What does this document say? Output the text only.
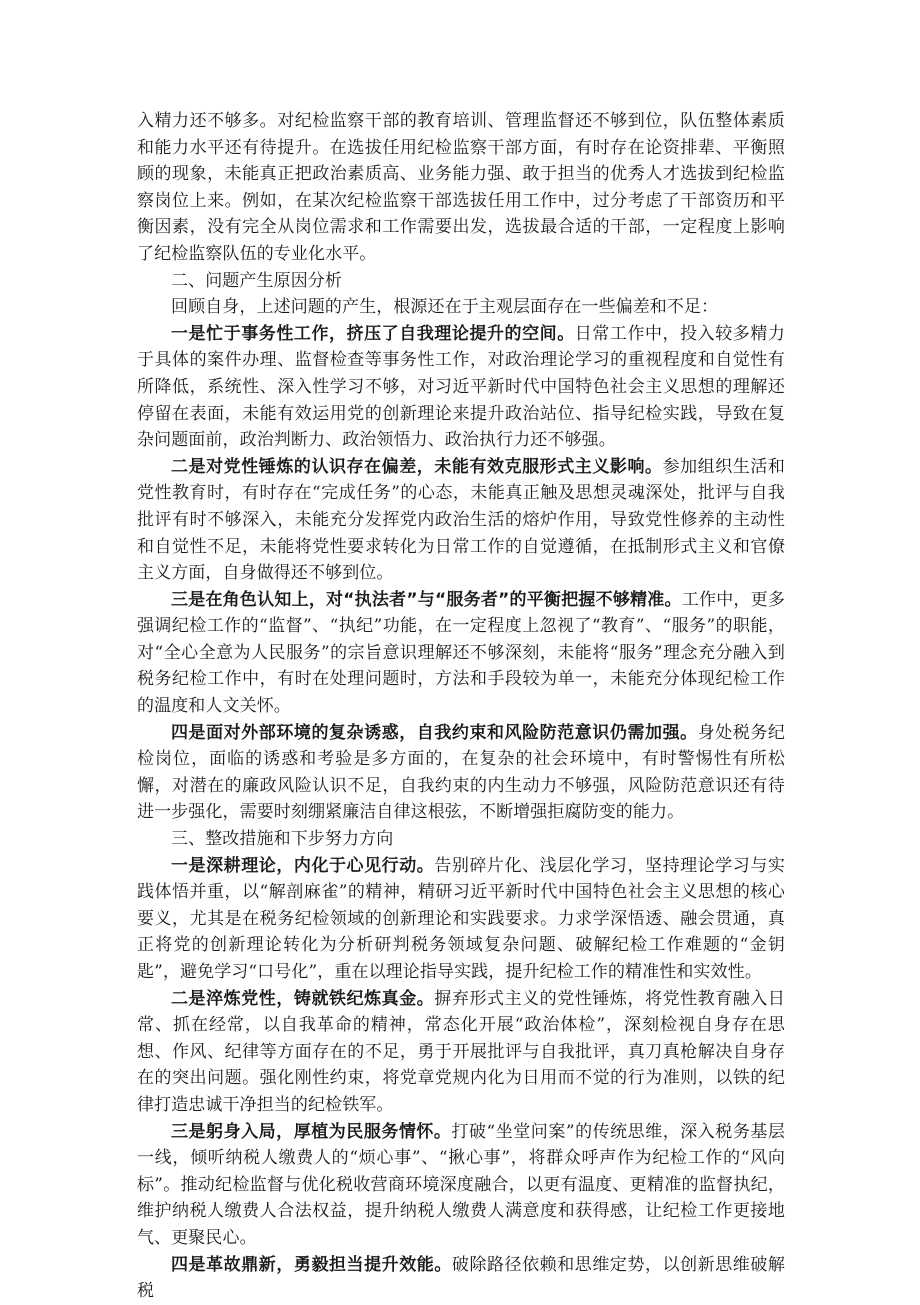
入精力还不够多。对纪检监察干部的教育培训、管理监督还不够到位，队伍整体素质和能力水平还有待提升。在选拔任用纪检监察干部方面，有时存在论资排辈、平衡照顾的现象，未能真正把政治素质高、业务能力强、敢于担当的优秀人才选拔到纪检监察岗位上来。例如，在某次纪检监察干部选拔任用工作中，过分考虑了干部资历和平衡因素，没有完全从岗位需求和工作需要出发，选拔最合适的干部，一定程度上影响了纪检监察队伍的专业化水平。

二、问题产生原因分析

回顾自身，上述问题的产生，根源还在于主观层面存在一些偏差和不足：

一是忙于事务性工作，挤压了自我理论提升的空间。日常工作中，投入较多精力于具体的案件办理、监督检查等事务性工作，对政治理论学习的重视程度和自觉性有所降低，系统性、深入性学习不够，对习近平新时代中国特色社会主义思想的理解还停留在表面，未能有效运用党的创新理论来提升政治站位、指导纪检实践，导致在复杂问题面前，政治判断力、政治领悟力、政治执行力还不够强。

二是对党性锤炼的认识存在偏差，未能有效克服形式主义影响。参加组织生活和党性教育时，有时存在“完成任务”的心态，未能真正触及思想灵魂深处，批评与自我批评有时不够深入，未能充分发挥党内政治生活的熔炉作用，导致党性修养的主动性和自觉性不足，未能将党性要求转化为日常工作的自觉遵循，在抵制形式主义和官僚主义方面，自身做得还不够到位。

三是在角色认知上，对“执法者”与“服务者”的平衡把握不够精准。工作中，更多强调纪检工作的“监督”、“执纪”功能，在一定程度上忽视了“教育”、“服务”的职能，对“全心全意为人民服务”的宗旨意识理解还不够深刻，未能将“服务”理念充分融入到税务纪检工作中，有时在处理问题时，方法和手段较为单一，未能充分体现纪检工作的温度和人文关怀。

四是面对外部环境的复杂诱惑，自我约束和风险防范意识仍需加强。身处税务纪检岗位，面临的诱惑和考验是多方面的，在复杂的社会环境中，有时警惕性有所松懈，对潜在的廉政风险认识不足，自我约束的内生动力不够强，风险防范意识还有待进一步强化，需要时刻绷紧廉洁自律这根弦，不断增强拒腐防变的能力。

三、整改措施和下步努力方向

一是深耕理论，内化于心见行动。告别碎片化、浅层化学习，坚持理论学习与实践体悟并重，以“解剖麻雀”的精神，精研习近平新时代中国特色社会主义思想的核心要义，尤其是在税务纪检领域的创新理论和实践要求。力求学深悟透、融会贯通，真正将党的创新理论转化为分析研判税务领域复杂问题、破解纪检工作难题的“金钥匙”，避免学习“口号化”，重在以理论指导实践，提升纪检工作的精准性和实效性。

二是淬炼党性，铸就铁纪炼真金。摒弃形式主义的党性锤炼，将党性教育融入日常、抓在经常，以自我革命的精神，常态化开展“政治体检”，深刻检视自身存在思想、作风、纪律等方面存在的不足，勇于开展批评与自我批评，真刀真枪解决自身存在的突出问题。强化刚性约束，将党章党规内化为日用而不觉的行为准则，以铁的纪律打造忠诚干净担当的纪检铁军。

三是躬身入局，厚植为民服务情怀。打破“坐堂问案”的传统思维，深入税务基层一线，倾听纳税人缴费人的“烦心事”、“揪心事”，将群众呼声作为纪检工作的“风向标”。推动纪检监督与优化税收营商环境深度融合，以更有温度、更精准的监督执纪，维护纳税人缴费人合法权益，提升纳税人缴费人满意度和获得感，让纪检工作更接地气、更聚民心。

四是革故鼎新，勇毅担当提升效能。破除路径依赖和思维定势，以创新思维破解税
